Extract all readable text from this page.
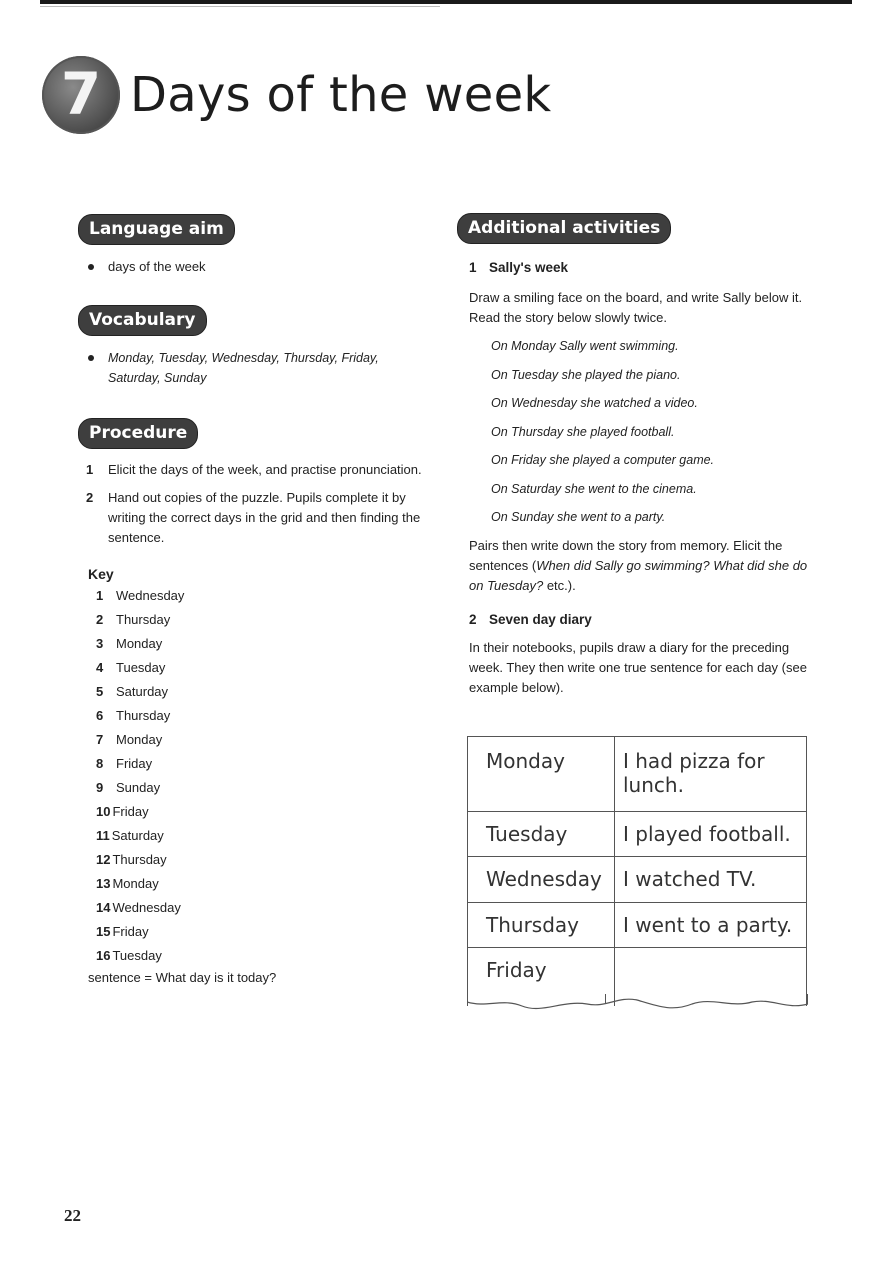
7 Days of the week
Language aim

days of the week

Vocabulary

Monday, Tuesday, Wednesday, Thursday, Friday, Saturday, Sunday

Procedure
1 Elicit the days of the week, and practise pronunciation.
2 Hand out copies of the puzzle. Pupils complete it by writing the correct days in the grid and then finding the sentence.
Key
1 Wednesday
2 Thursday
3 Monday
4 Tuesday
5 Saturday
6 Thursday
7 Monday
8 Friday
9 Sunday
10 Friday
11 Saturday
12 Thursday
13 Monday
14 Wednesday
15 Friday
16 Tuesday
sentence = What day is it today?
Additional activities
1 Sally's week
Draw a smiling face on the board, and write Sally below it. Read the story below slowly twice.
On Monday Sally went swimming.
On Tuesday she played the piano.
On Wednesday she watched a video.
On Thursday she played football.
On Friday she played a computer game.
On Saturday she went to the cinema.
On Sunday she went to a party.
Pairs then write down the story from memory. Elicit the sentences (When did Sally go swimming? What did she do on Tuesday? etc.).
2 Seven day diary
In their notebooks, pupils draw a diary for the preceding week. They then write one true sentence for each day (see example below).
Monday	I had pizza for lunch.
Tuesday	I played football.
Wednesday	I watched TV.
Thursday	I went to a party.
Friday	
22
